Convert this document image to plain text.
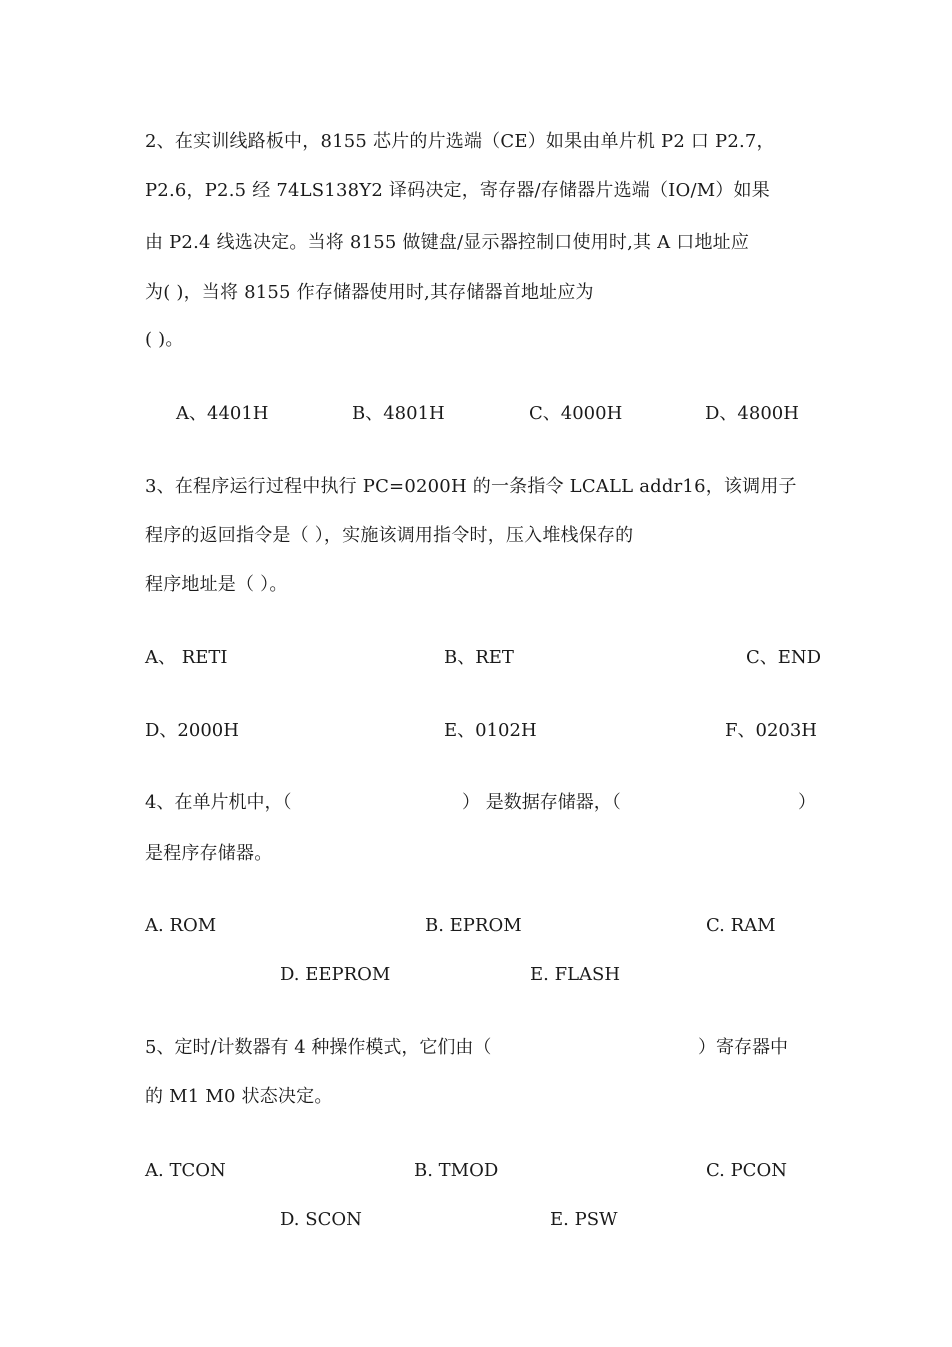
2、在实训线路板中，8155 芯片的片选端（CE）如果由单片机 P2 口 P2.7，
P2.6，P2.5 经 74LS138Y2 译码决定，寄存器/存储器片选端（IO/M）如果
由 P2.4 线选决定。当将 8155 做键盘/显示器控制口使用时,其 A 口地址应
为( )，当将 8155 作存储器使用时,其存储器首地址应为
( )。
A、4401H	B、4801H	C、4000H	D、4800H
3、在程序运行过程中执行 PC=0200H 的一条指令 LCALL addr16，该调用子
程序的返回指令是（ ），实施该调用指令时，压入堆栈保存的
程序地址是（ ）。
A、 RETI	B、RET	C、END
D、2000H	E、0102H	F、0203H
4、在单片机中，（	） 是数据存储器，（	）
是程序存储器。
A. ROM	B. EPROM	C. RAM
D. EEPROM	E. FLASH
5、定时/计数器有 4 种操作模式，它们由（	）寄存器中
的 M1 M0 状态决定。
A. TCON	B. TMOD	C. PCON
D. SCON	E. PSW
